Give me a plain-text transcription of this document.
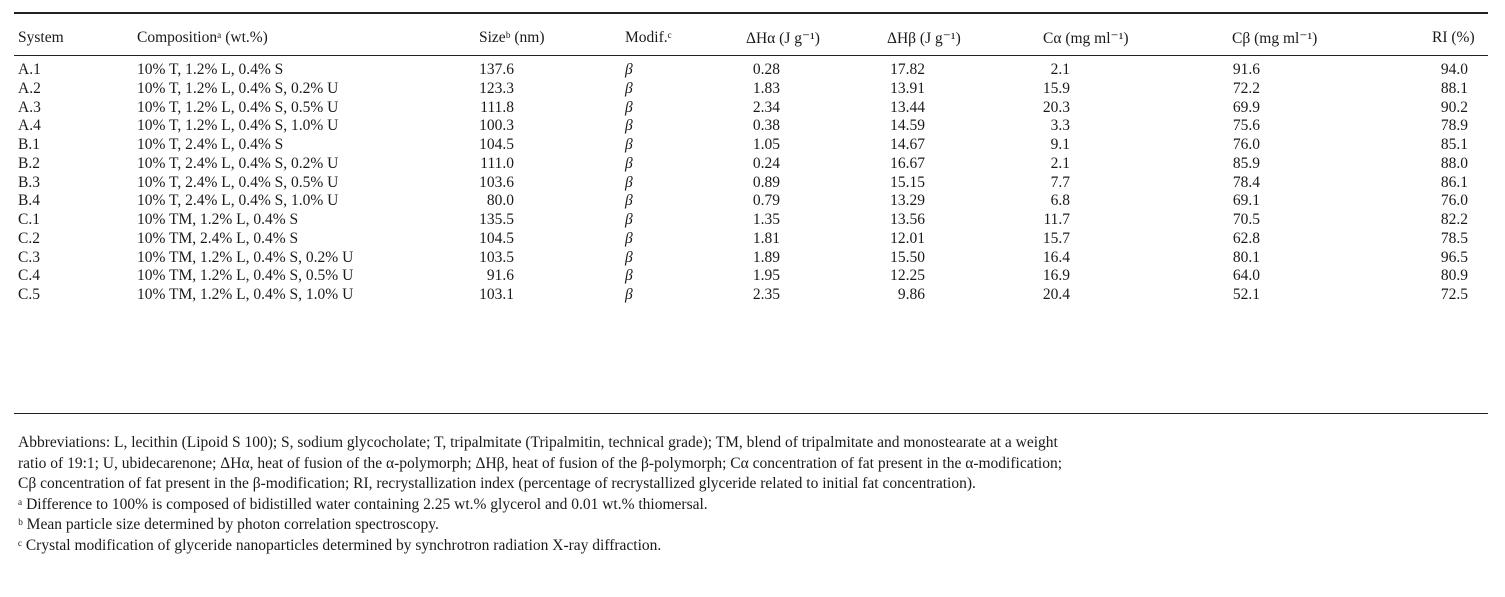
System	Compositionᵃ (wt.%)	Sizeᵇ (nm)	Modif.ᶜ	ΔHα (J g⁻¹)	ΔHβ (J g⁻¹)	Cα (mg ml⁻¹)	Cβ (mg ml⁻¹)	RI (%)
A.1	10% T, 1.2% L, 0.4% S	137.6	β	0.28	17.82	2.1	91.6	94.0
A.2	10% T, 1.2% L, 0.4% S, 0.2% U	123.3	β	1.83	13.91	15.9	72.2	88.1
A.3	10% T, 1.2% L, 0.4% S, 0.5% U	111.8	β	2.34	13.44	20.3	69.9	90.2
A.4	10% T, 1.2% L, 0.4% S, 1.0% U	100.3	β	0.38	14.59	3.3	75.6	78.9
B.1	10% T, 2.4% L, 0.4% S	104.5	β	1.05	14.67	9.1	76.0	85.1
B.2	10% T, 2.4% L, 0.4% S, 0.2% U	111.0	β	0.24	16.67	2.1	85.9	88.0
B.3	10% T, 2.4% L, 0.4% S, 0.5% U	103.6	β	0.89	15.15	7.7	78.4	86.1
B.4	10% T, 2.4% L, 0.4% S, 1.0% U	80.0	β	0.79	13.29	6.8	69.1	76.0
C.1	10% TM, 1.2% L, 0.4% S	135.5	β	1.35	13.56	11.7	70.5	82.2
C.2	10% TM, 2.4% L, 0.4% S	104.5	β	1.81	12.01	15.7	62.8	78.5
C.3	10% TM, 1.2% L, 0.4% S, 0.2% U	103.5	β	1.89	15.50	16.4	80.1	96.5
C.4	10% TM, 1.2% L, 0.4% S, 0.5% U	91.6	β	1.95	12.25	16.9	64.0	80.9
C.5	10% TM, 1.2% L, 0.4% S, 1.0% U	103.1	β	2.35	9.86	20.4	52.1	72.5
Abbreviations: L, lecithin (Lipoid S 100); S, sodium glycocholate; T, tripalmitate (Tripalmitin, technical grade); TM, blend of tripalmitate and monostearate at a weight
ratio of 19:1; U, ubidecarenone; ΔHα, heat of fusion of the α-polymorph; ΔHβ, heat of fusion of the β-polymorph; Cα concentration of fat present in the α-modification;
Cβ concentration of fat present in the β-modification; RI, recrystallization index (percentage of recrystallized glyceride related to initial fat concentration).
ᵃ Difference to 100% is composed of bidistilled water containing 2.25 wt.% glycerol and 0.01 wt.% thiomersal.
ᵇ Mean particle size determined by photon correlation spectroscopy.
ᶜ Crystal modification of glyceride nanoparticles determined by synchrotron radiation X-ray diffraction.
